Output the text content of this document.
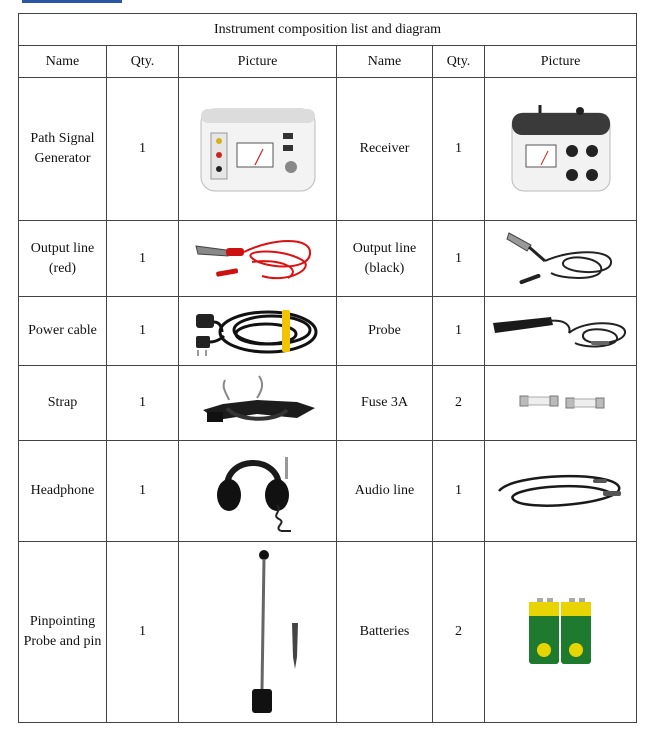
Instrument composition list and diagram					
Name	Qty.	Picture	Name	Qty.	Picture
Path Signal Generator	1		Receiver	1	

Output line (red)	1		Output line (black)	1	

Power cable	1		Probe	1	

Strap	1		Fuse 3A	2	

Headphone	1		Audio line	1	

Pinpointing Probe and pin	1		Batteries	2	
